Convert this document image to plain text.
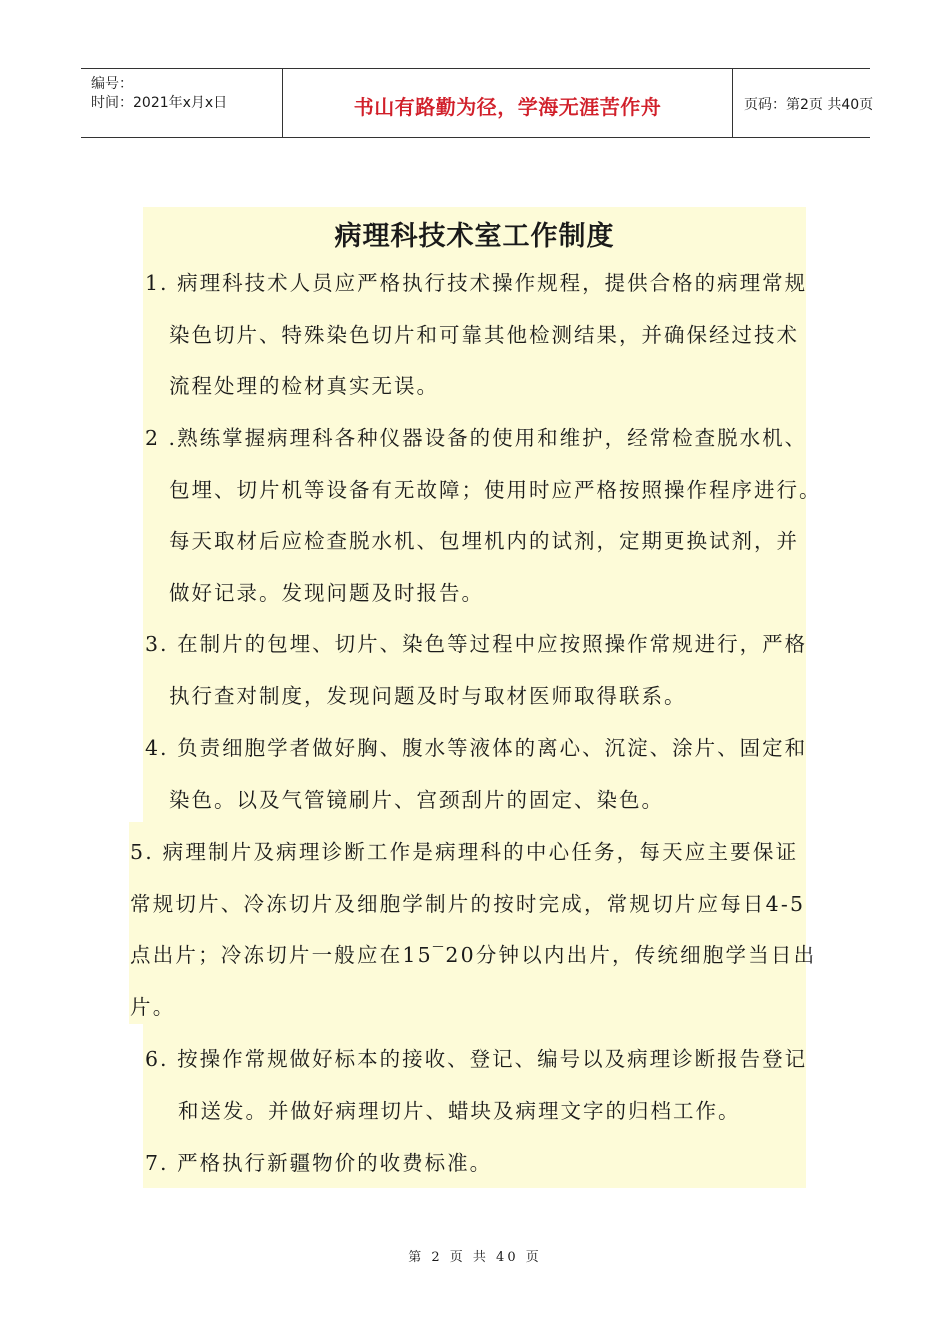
编号：
时间：2021年x月x日	书山有路勤为径，学海无涯苦作舟	页码：第2页 共40页
病理科技术室工作制度
1. 病理科技术人员应严格执行技术操作规程，提供合格的病理常规
染色切片、特殊染色切片和可靠其他检测结果，并确保经过技术
流程处理的检材真实无误。
2 .熟练掌握病理科各种仪器设备的使用和维护，经常检查脱水机、
包埋、切片机等设备有无故障；使用时应严格按照操作程序进行。
每天取材后应检查脱水机、包埋机内的试剂，定期更换试剂，并
做好记录。发现问题及时报告。
3. 在制片的包埋、切片、染色等过程中应按照操作常规进行，严格
执行查对制度，发现问题及时与取材医师取得联系。
4. 负责细胞学者做好胸、腹水等液体的离心、沉淀、涂片、固定和
染色。以及气管镜刷片、宫颈刮片的固定、染色。
5. 病理制片及病理诊断工作是病理科的中心任务，每天应主要保证
常规切片、冷冻切片及细胞学制片的按时完成，常规切片应每日4-5
点出片；冷冻切片一般应在15‾20分钟以内出片，传统细胞学当日出
片。
6. 按操作常规做好标本的接收、登记、编号以及病理诊断报告登记
和送发。并做好病理切片、蜡块及病理文字的归档工作。
7. 严格执行新疆物价的收费标准。
第 2 页 共 40 页
